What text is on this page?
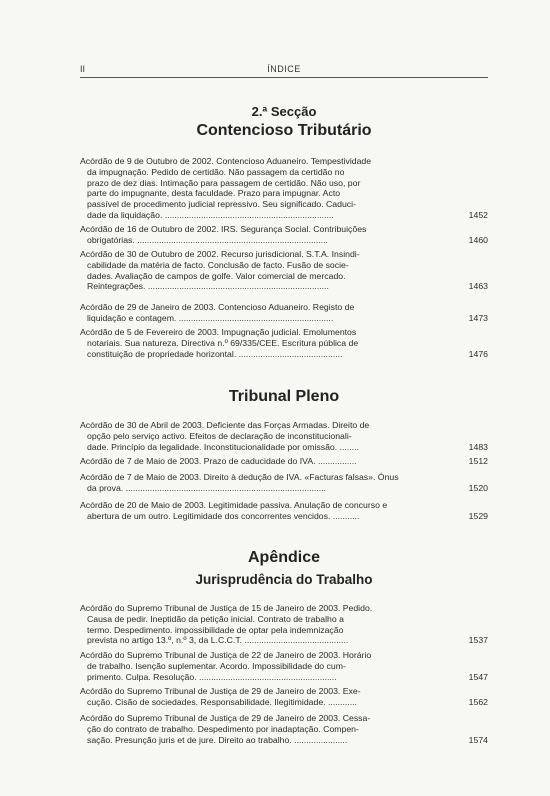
II	ÍNDICE
2.ª Secção
Contencioso Tributário
Acórdão de 9 de Outubro de 2002. Contencioso Aduaneiro. Tempestividade
da impugnação. Pedido de certidão. Não passagem da certidão no
prazo de dez dias. Intimação para passagem de certidão. Não uso, por
parte do impugnante, desta faculdade. Prazo para impugnar. Acto
passível de procedimento judicial repressivo. Seu significado. Caduci-
dade da liquidação. ......................................................................	1452
Acórdão de 16 de Outubro de 2002. IRS. Segurança Social. Contribuições
obrigatórias. ...............................................................................	1460
Acórdão de 30 de Outubro de 2002. Recurso jurisdicional. S.T.A. Insindi-
cabilidade da matéria de facto. Conclusão de facto. Fusão de socie-
dades. Avaliação de campos de golfe. Valor comercial de mercado.
Reintegrações. ...........................................................................	1463
Acórdão de 29 de Janeiro de 2003. Contencioso Aduaneiro. Registo de
liquidação e contagem. ................................................................	1473
Acórdão de 5 de Fevereiro de 2003. Impugnação judicial. Emolumentos
notariais. Sua natureza. Directiva n.º 69/335/CEE. Escritura pública de
constituição de propriedade horizontal. ...........................................	1476
Tribunal Pleno
Acórdão de 30 de Abril de 2003. Deficiente das Forças Armadas. Direito de
opção pelo serviço activo. Efeitos de declaração de inconstitucionali-
dade. Princípio da legalidade. Inconstitucionalidade por omissão. ........	1483
Acórdão de 7 de Maio de 2003. Prazo de caducidade do IVA. ................	1512
Acórdão de 7 de Maio de 2003. Direito à dedução de IVA. «Facturas falsas». Ónus
da prova. ...................................................................................	1520
Acórdão de 20 de Maio de 2003. Legitimidade passiva. Anulação de concurso e
abertura de um outro. Legitimidade dos concorrentes vencidos. ...........	1529
Apêndice
Jurisprudência do Trabalho
Acórdão do Supremo Tribunal de Justiça de 15 de Janeiro de 2003. Pedido.
Causa de pedir. Ineptidão da petição inicial. Contrato de trabalho a
termo. Despedimento. impossibilidade de optar pela indemnização
prevista no artigo 13.º, n.º 3, da L.C.C.T. ...........................................	1537
Acórdão do Supremo Tribunal de Justiça de 22 de Janeiro de 2003. Horário
de trabalho. Isenção suplementar. Acordo. Impossibilidade do cum-
primento. Culpa. Resolução. .........................................................	1547
Acórdão do Supremo Tribunal de Justiça de 29 de Janeiro de 2003. Exe-
cução. Cisão de sociedades. Responsabilidade. Ilegitimidade. ............	1562
Acórdão do Supremo Tribunal de Justiça de 29 de Janeiro de 2003. Cessa-
ção do contrato de trabalho. Despedimento por inadaptação. Compen-
sação. Presunção juris et de jure. Direito ao trabalho. ......................	1574
